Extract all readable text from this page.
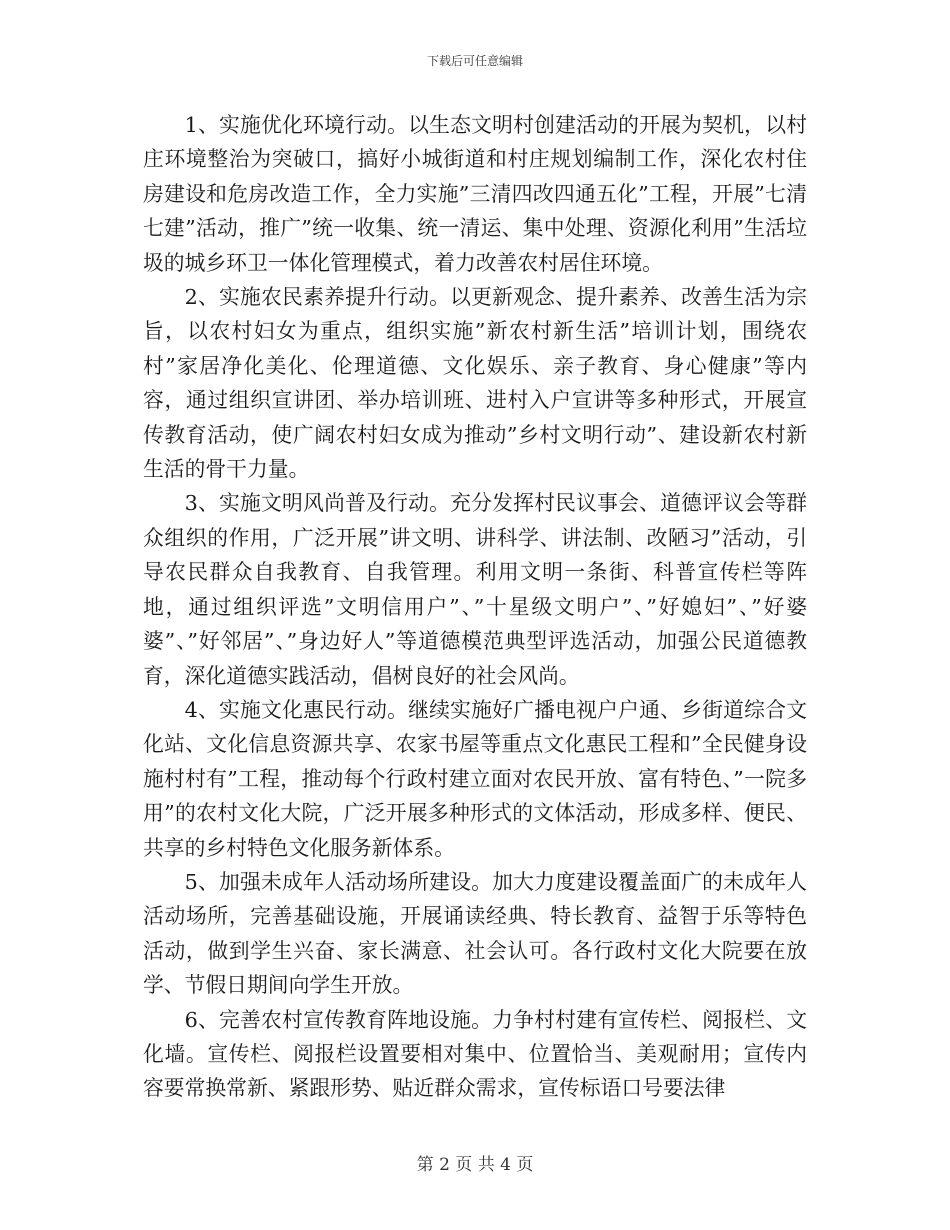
下载后可任意编辑

1、实施优化环境行动。以生态文明村创建活动的开展为契机，以村庄环境整治为突破口，搞好小城街道和村庄规划编制工作，深化农村住房建设和危房改造工作，全力实施”三清四改四通五化”工程，开展”七清七建”活动，推广”统一收集、统一清运、集中处理、资源化利用”生活垃圾的城乡环卫一体化管理模式，着力改善农村居住环境。

2、实施农民素养提升行动。以更新观念、提升素养、改善生活为宗旨，以农村妇女为重点，组织实施”新农村新生活”培训计划，围绕农村”家居净化美化、伦理道德、文化娱乐、亲子教育、身心健康”等内容，通过组织宣讲团、举办培训班、进村入户宣讲等多种形式，开展宣传教育活动，使广阔农村妇女成为推动”乡村文明行动”、建设新农村新生活的骨干力量。

3、实施文明风尚普及行动。充分发挥村民议事会、道德评议会等群众组织的作用，广泛开展”讲文明、讲科学、讲法制、改陋习”活动，引导农民群众自我教育、自我管理。利用文明一条街、科普宣传栏等阵地，通过组织评选”文明信用户”、”十星级文明户”、”好媳妇”、”好婆婆”、”好邻居”、”身边好人”等道德模范典型评选活动，加强公民道德教育，深化道德实践活动，倡树良好的社会风尚。

4、实施文化惠民行动。继续实施好广播电视户户通、乡街道综合文化站、文化信息资源共享、农家书屋等重点文化惠民工程和”全民健身设施村村有”工程，推动每个行政村建立面对农民开放、富有特色、”一院多用”的农村文化大院，广泛开展多种形式的文体活动，形成多样、便民、共享的乡村特色文化服务新体系。

5、加强未成年人活动场所建设。加大力度建设覆盖面广的未成年人活动场所，完善基础设施，开展诵读经典、特长教育、益智于乐等特色活动，做到学生兴奋、家长满意、社会认可。各行政村文化大院要在放学、节假日期间向学生开放。

6、完善农村宣传教育阵地设施。力争村村建有宣传栏、阅报栏、文化墙。宣传栏、阅报栏设置要相对集中、位置恰当、美观耐用；宣传内容要常换常新、紧跟形势、贴近群众需求，宣传标语口号要法律

第 2 页 共 4 页
